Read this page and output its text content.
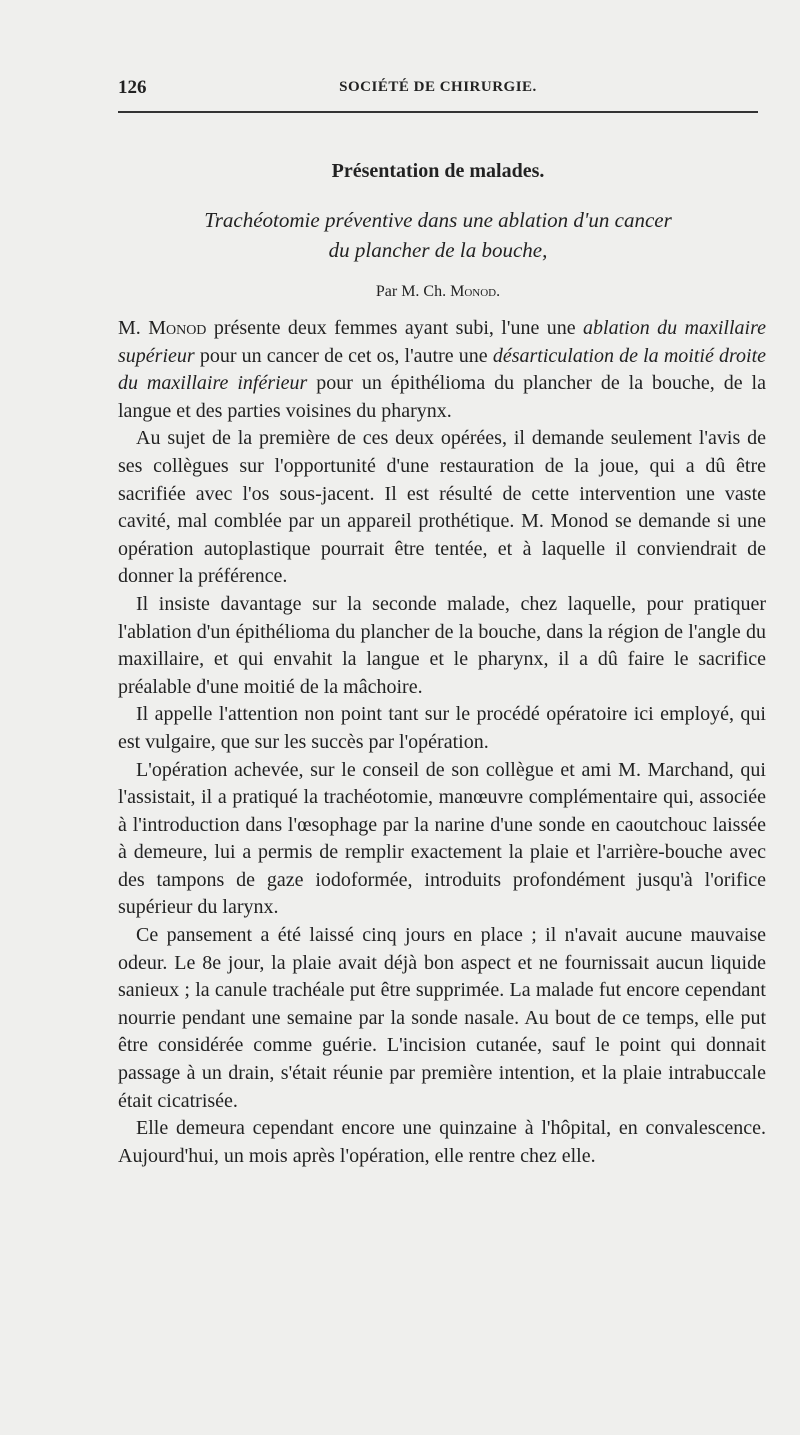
126	SOCIÉTÉ DE CHIRURGIE.
Présentation de malades.
Trachéotomie préventive dans une ablation d'un cancer
du plancher de la bouche,
Par M. Ch. Monod.

M. Monod présente deux femmes ayant subi, l'une une ablation du maxillaire supérieur pour un cancer de cet os, l'autre une désarticulation de la moitié droite du maxillaire inférieur pour un épithélioma du plancher de la bouche, de la langue et des parties voisines du pharynx.

Au sujet de la première de ces deux opérées, il demande seulement l'avis de ses collègues sur l'opportunité d'une restauration de la joue, qui a dû être sacrifiée avec l'os sous-jacent. Il est résulté de cette intervention une vaste cavité, mal comblée par un appareil prothétique. M. Monod se demande si une opération autoplastique pourrait être tentée, et à laquelle il conviendrait de donner la préférence.

Il insiste davantage sur la seconde malade, chez laquelle, pour pratiquer l'ablation d'un épithélioma du plancher de la bouche, dans la région de l'angle du maxillaire, et qui envahit la langue et le pharynx, il a dû faire le sacrifice préalable d'une moitié de la mâchoire.

Il appelle l'attention non point tant sur le procédé opératoire ici employé, qui est vulgaire, que sur les succès par l'opération.

L'opération achevée, sur le conseil de son collègue et ami M. Marchand, qui l'assistait, il a pratiqué la trachéotomie, manœuvre complémentaire qui, associée à l'introduction dans l'œsophage par la narine d'une sonde en caoutchouc laissée à demeure, lui a permis de remplir exactement la plaie et l'arrière-bouche avec des tampons de gaze iodoformée, introduits profondément jusqu'à l'orifice supérieur du larynx.

Ce pansement a été laissé cinq jours en place ; il n'avait aucune mauvaise odeur. Le 8e jour, la plaie avait déjà bon aspect et ne fournissait aucun liquide sanieux ; la canule trachéale put être supprimée. La malade fut encore cependant nourrie pendant une semaine par la sonde nasale. Au bout de ce temps, elle put être considérée comme guérie. L'incision cutanée, sauf le point qui donnait passage à un drain, s'était réunie par première intention, et la plaie intrabuccale était cicatrisée.

Elle demeura cependant encore une quinzaine à l'hôpital, en convalescence. Aujourd'hui, un mois après l'opération, elle rentre chez elle.
